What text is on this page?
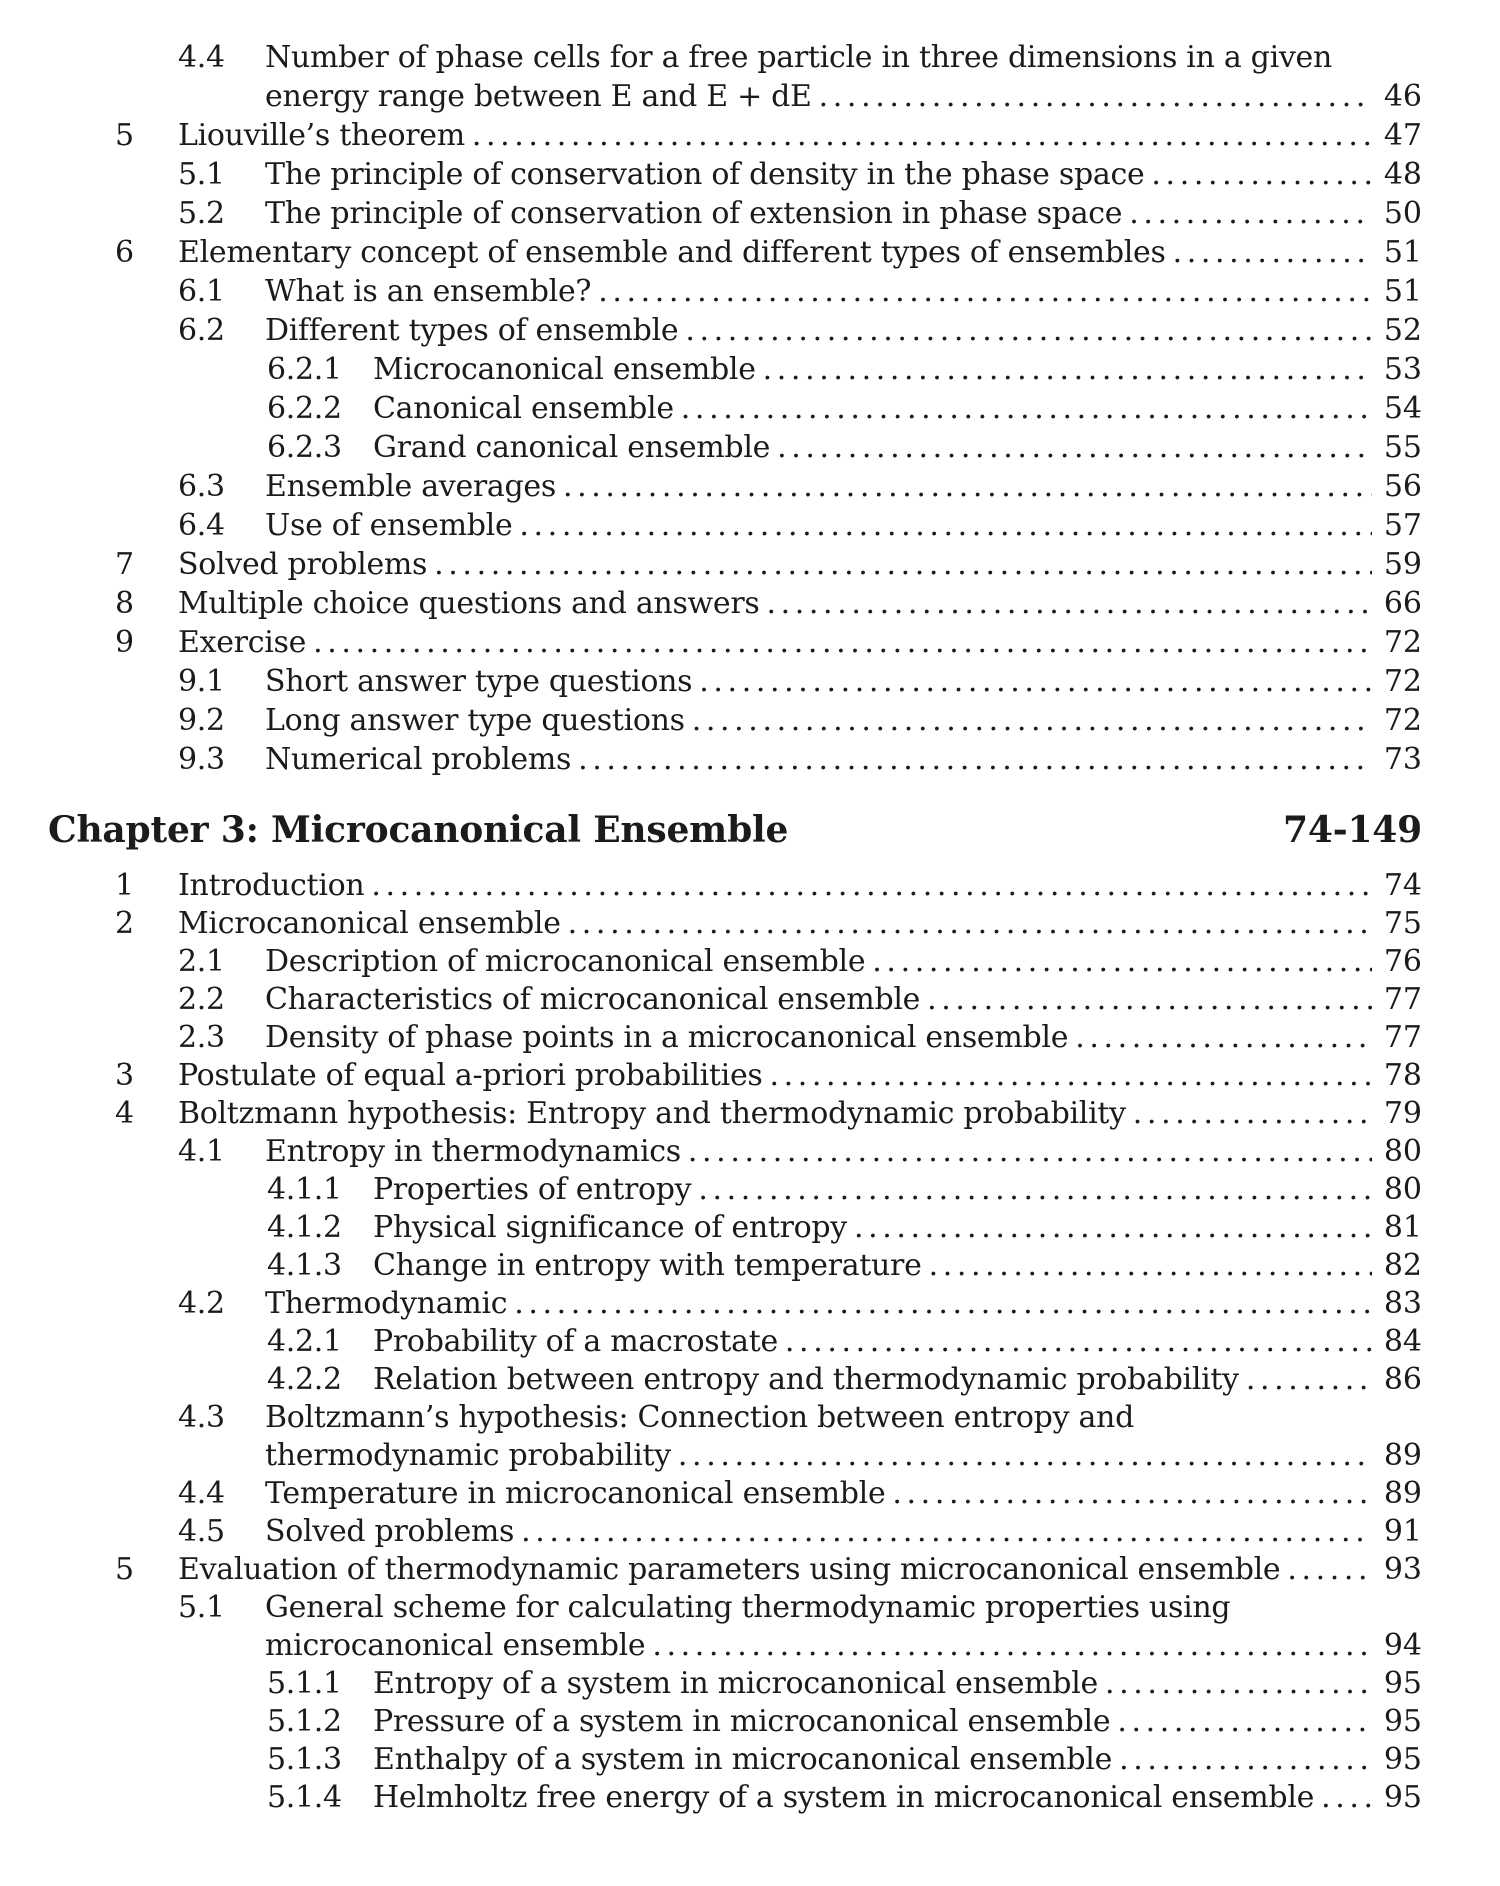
4.4	Number of phase cells for a free particle in three dimensions in a given
energy range between E and E + dE .....	46
5	Liouville’s theorem .....	47
5.1	The principle of conservation of density in the phase space .....	48
5.2	The principle of conservation of extension in phase space .....	50
6	Elementary concept of ensemble and different types of ensembles .....	51
6.1	What is an ensemble? .....	51
6.2	Different types of ensemble .....	52
6.2.1	Microcanonical ensemble .....	53
6.2.2	Canonical ensemble .....	54
6.2.3	Grand canonical ensemble .....	55
6.3	Ensemble averages .....	56
6.4	Use of ensemble .....	57
7	Solved problems .....	59
8	Multiple choice questions and answers .....	66
9	Exercise .....	72
9.1	Short answer type questions .....	72
9.2	Long answer type questions .....	72
9.3	Numerical problems .....	73
Chapter 3: Microcanonical Ensemble	74-149
1	Introduction .....	74
2	Microcanonical ensemble .....	75
2.1	Description of microcanonical ensemble .....	76
2.2	Characteristics of microcanonical ensemble .....	77
2.3	Density of phase points in a microcanonical ensemble .....	77
3	Postulate of equal a-priori probabilities .....	78
4	Boltzmann hypothesis: Entropy and thermodynamic probability .....	79
4.1	Entropy in thermodynamics .....	80
4.1.1	Properties of entropy .....	80
4.1.2	Physical significance of entropy .....	81
4.1.3	Change in entropy with temperature .....	82
4.2	Thermodynamic .....	83
4.2.1	Probability of a macrostate .....	84
4.2.2	Relation between entropy and thermodynamic probability .....	86
4.3	Boltzmann’s hypothesis: Connection between entropy and
thermodynamic probability .....	89
4.4	Temperature in microcanonical ensemble .....	89
4.5	Solved problems .....	91
5	Evaluation of thermodynamic parameters using microcanonical ensemble .....	93
5.1	General scheme for calculating thermodynamic properties using
microcanonical ensemble .....	94
5.1.1	Entropy of a system in microcanonical ensemble .....	95
5.1.2	Pressure of a system in microcanonical ensemble .....	95
5.1.3	Enthalpy of a system in microcanonical ensemble .....	95
5.1.4	Helmholtz free energy of a system in microcanonical ensemble ..... 95
